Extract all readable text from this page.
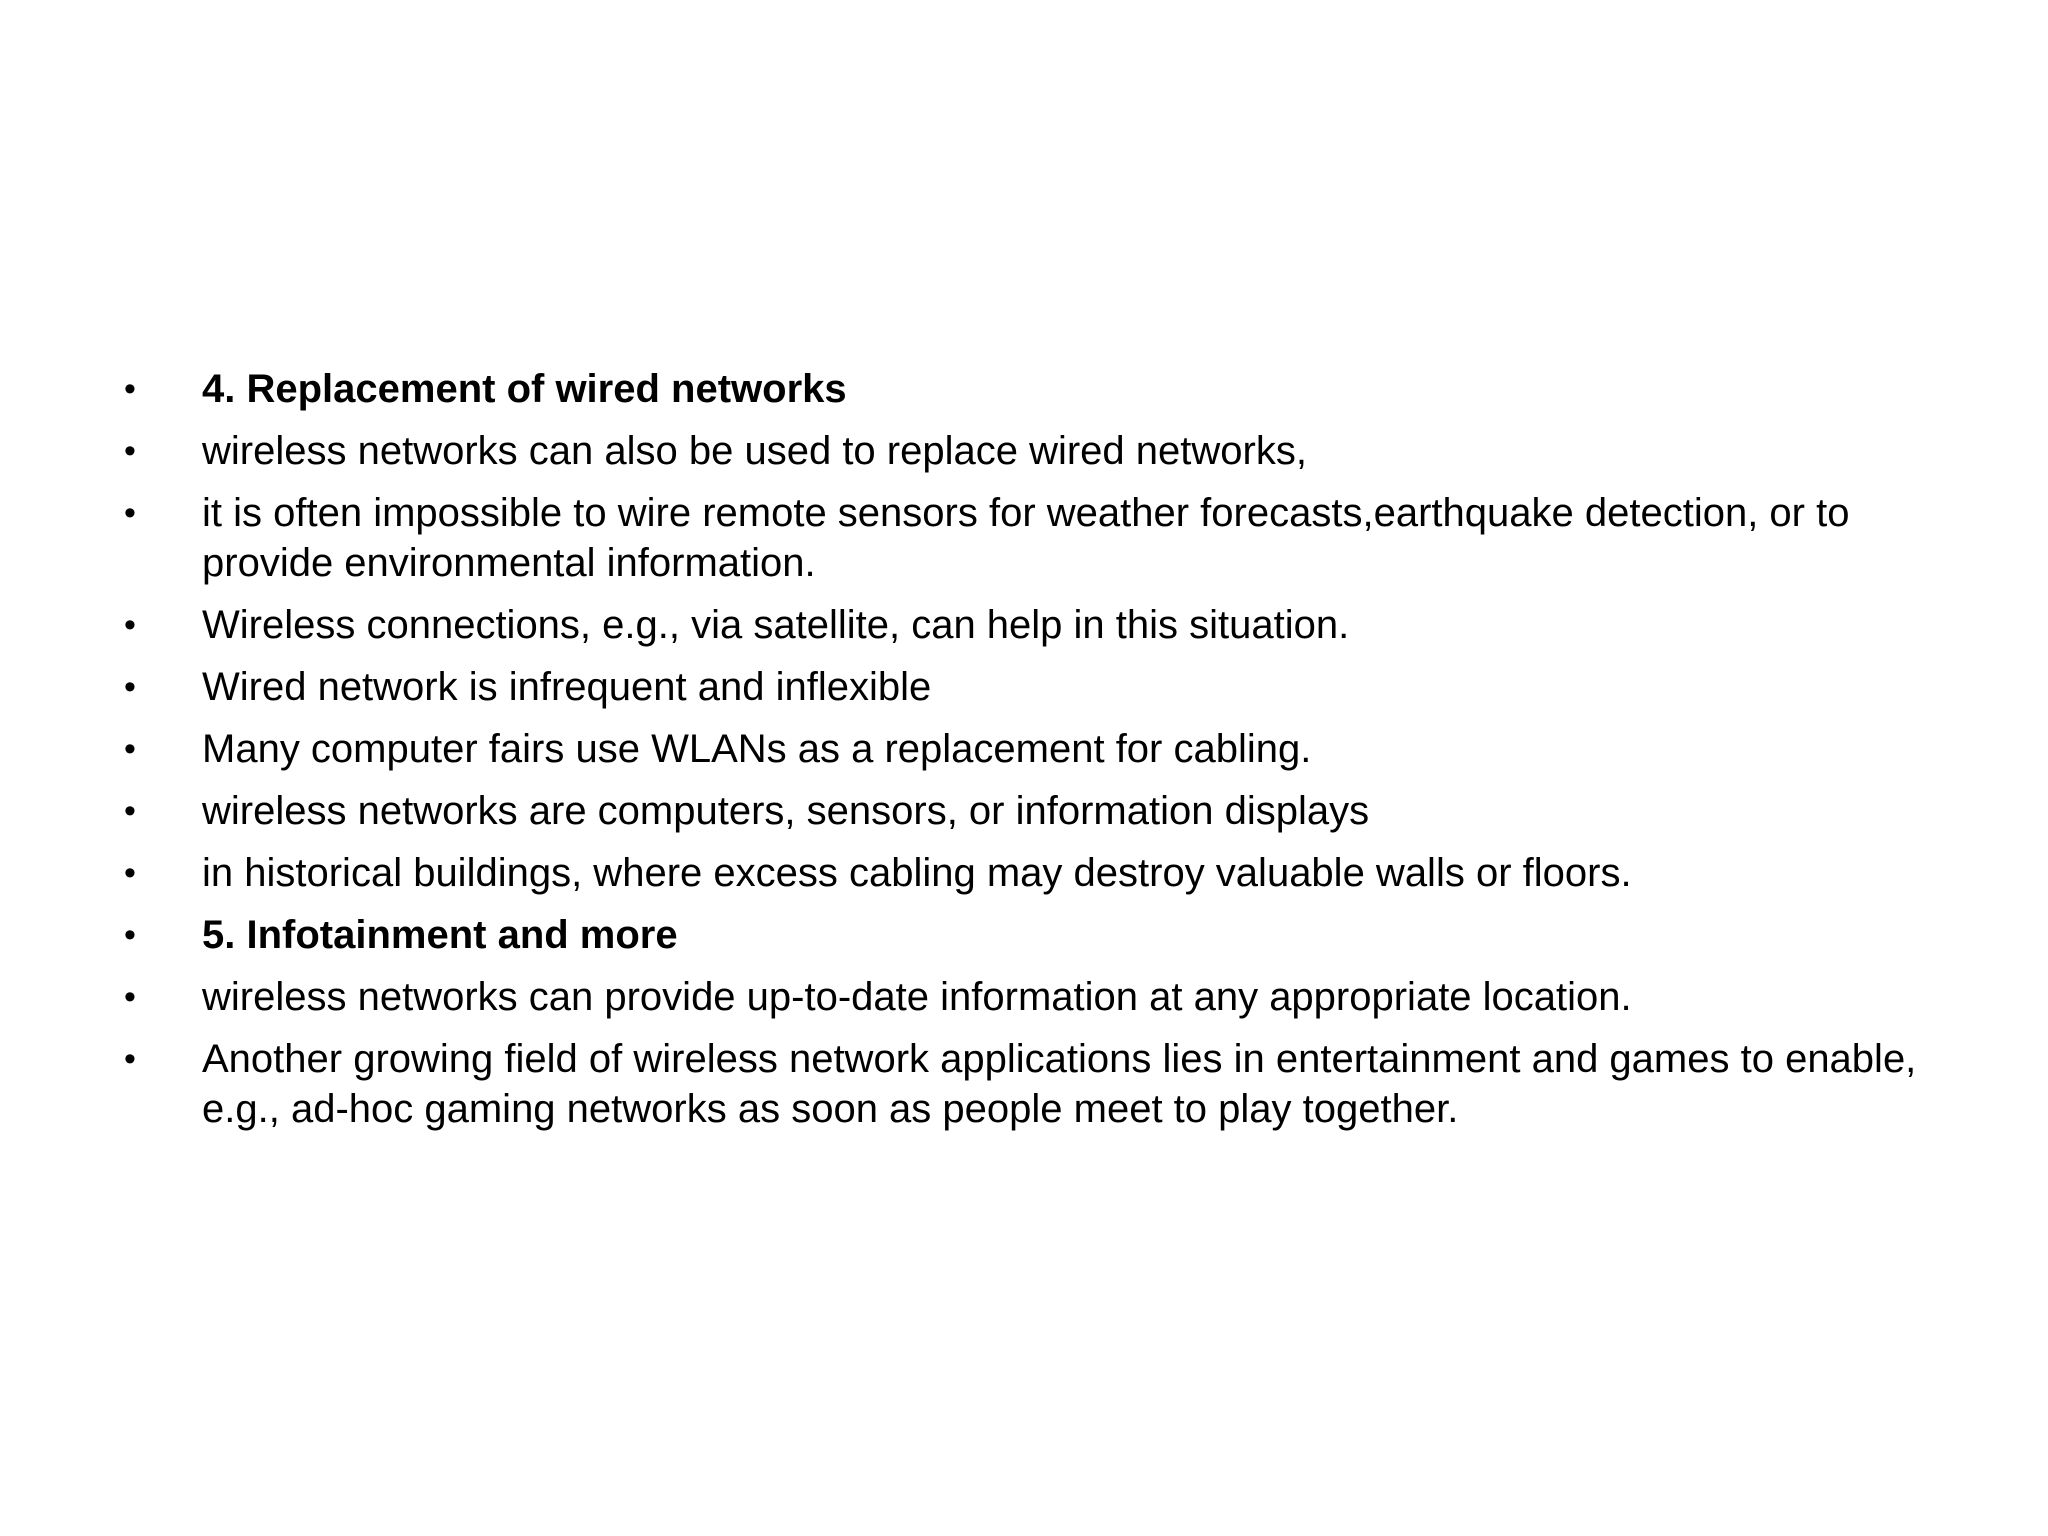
•	4. Replacement of wired networks
•	wireless networks can also be used to replace wired networks,
•	it is often impossible to wire remote sensors for weather forecasts,earthquake detection, or to provide environmental information.
•	Wireless connections, e.g., via satellite, can help in this situation.
•	Wired network is infrequent and inflexible
•	Many computer fairs use WLANs as a replacement for cabling.
•	wireless networks are computers, sensors, or information displays
•	in historical buildings, where excess cabling may destroy valuable walls or floors.
•	5. Infotainment and more
•	wireless networks can provide up-to-date information at any appropriate location.
•	Another growing field of wireless network applications lies in entertainment and games to enable, e.g., ad-hoc gaming networks as soon as people meet to play together.
